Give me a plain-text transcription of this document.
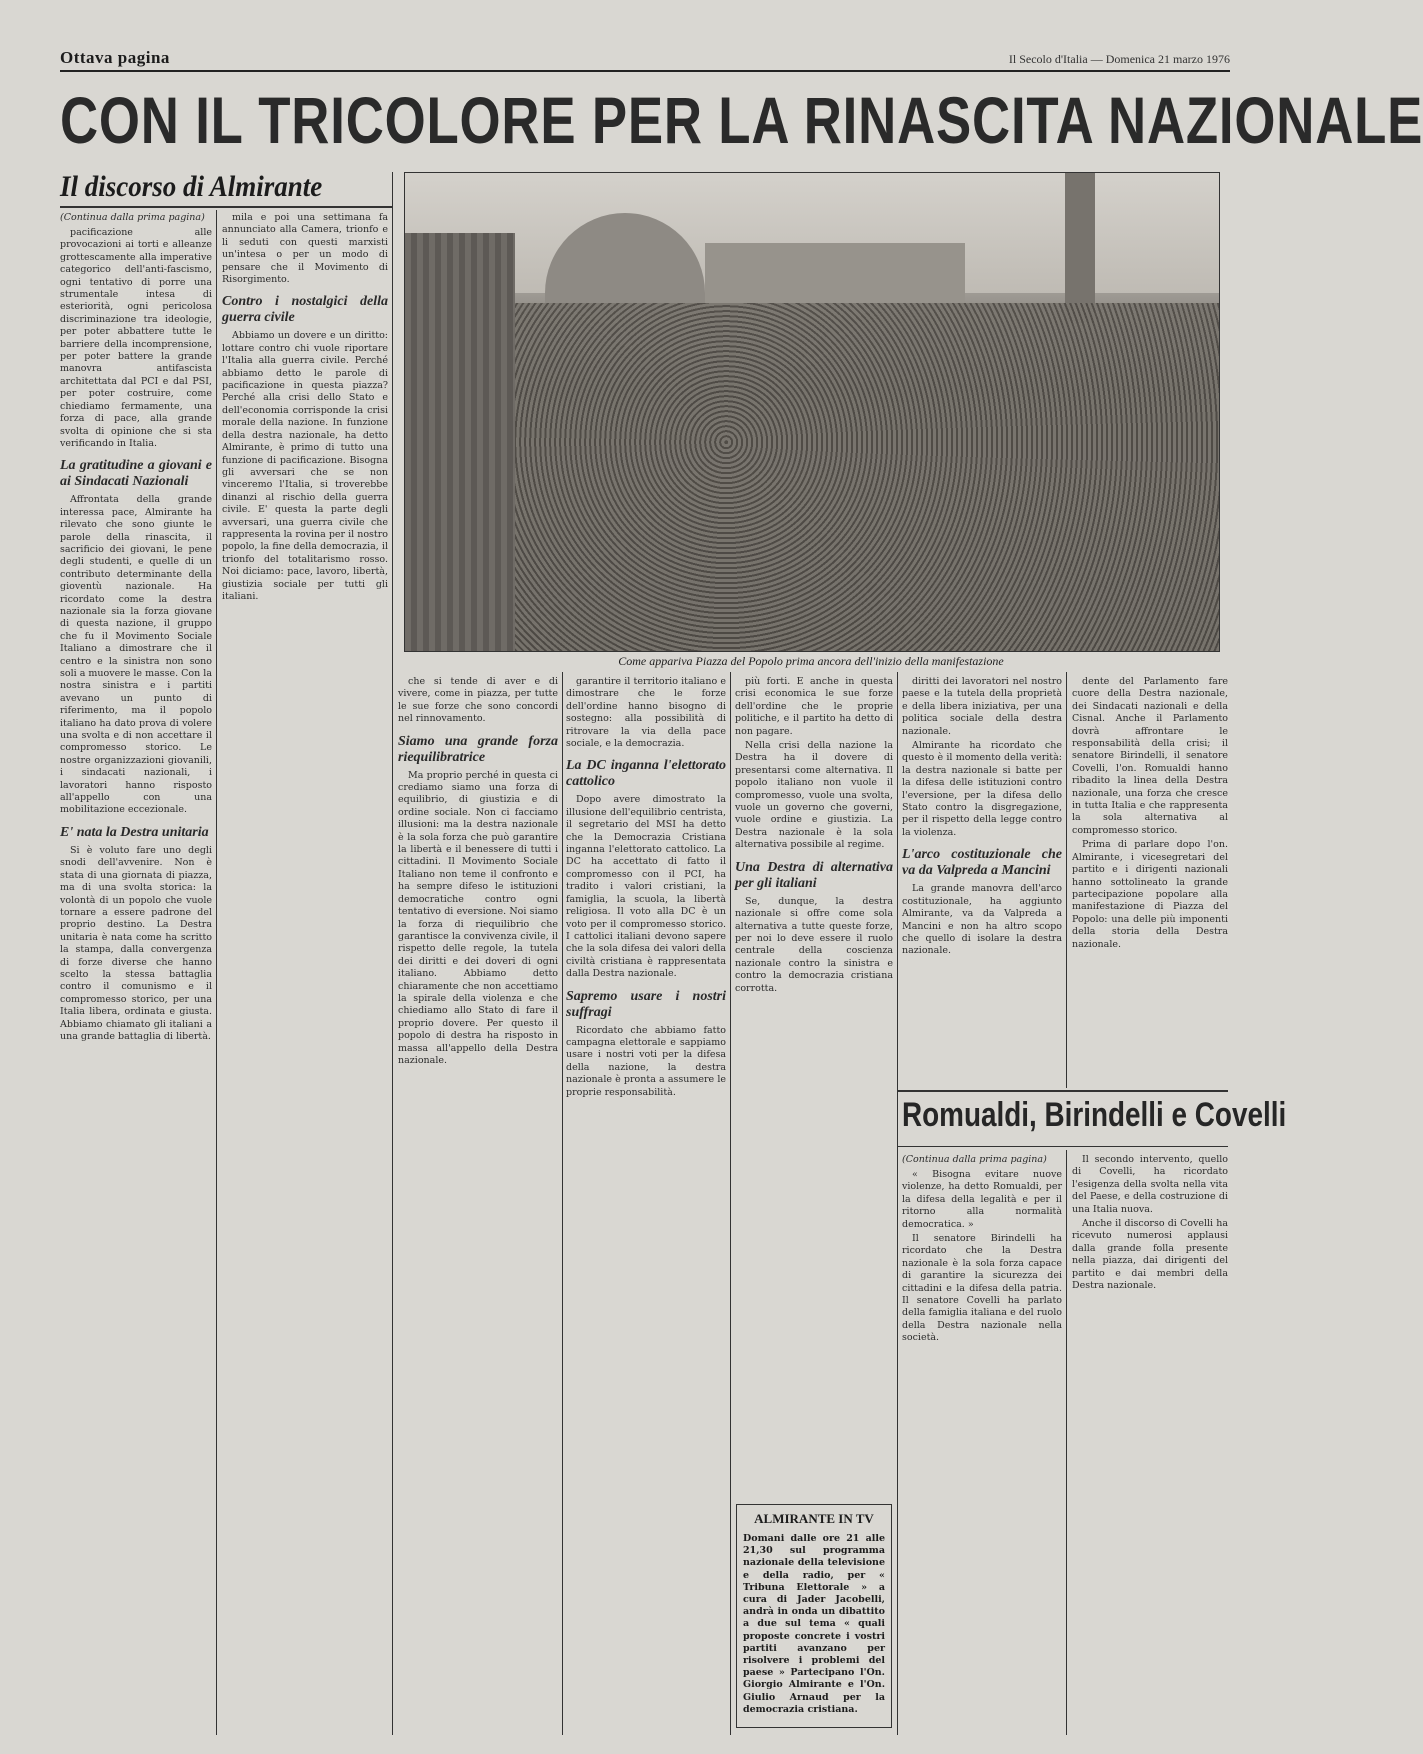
Ottava pagina	Il Secolo d'Italia — Domenica 21 marzo 1976
CON IL TRICOLORE PER LA RINASCITA NAZIONALE
Il discorso di Almirante

(Continua dalla prima pagina)

pacificazione alle provocazioni ai torti e alleanze grottescamente alla imperative categorico dell'anti-fascismo, ogni tentativo di porre una strumentale intesa di esteriorità, ogni pericolosa discriminazione tra ideologie, per poter abbattere tutte le barriere della incomprensione, per poter battere la grande manovra antifascista architettata dal PCI e dal PSI, per poter costruire, come chiediamo fermamente, una forza di pace, alla grande svolta di opinione che si sta verificando in Italia.

La gratitudine a giovani e ai Sindacati Nazionali

Affrontata della grande interessa pace, Almirante ha rilevato che sono giunte le parole della rinascita, il sacrificio dei giovani, le pene degli studenti, e quelle di un contributo determinante della gioventù nazionale. Ha ricordato come la destra nazionale sia la forza giovane di questa nazione, il gruppo che fu il Movimento Sociale Italiano a dimostrare che il centro e la sinistra non sono soli a muovere le masse. Con la nostra sinistra e i partiti avevano un punto di riferimento, ma il popolo italiano ha dato prova di volere una svolta e di non accettare il compromesso storico. Le nostre organizzazioni giovanili, i sindacati nazionali, i lavoratori hanno risposto all'appello con una mobilitazione eccezionale.

E' nata la Destra unitaria

Si è voluto fare uno degli snodi dell'avvenire. Non è stata di una giornata di piazza, ma di una svolta storica: la volontà di un popolo che vuole tornare a essere padrone del proprio destino. La Destra unitaria è nata come ha scritto la stampa, dalla convergenza di forze diverse che hanno scelto la stessa battaglia contro il comunismo e il compromesso storico, per una Italia libera, ordinata e giusta. Abbiamo chiamato gli italiani a una grande battaglia di libertà.

mila e poi una settimana fa annunciato alla Camera, trionfo e li seduti con questi marxisti un'intesa o per un modo di pensare che il Movimento di Risorgimento.

Contro i nostalgici della guerra civile

Abbiamo un dovere e un diritto: lottare contro chi vuole riportare l'Italia alla guerra civile. Perché abbiamo detto le parole di pacificazione in questa piazza? Perché alla crisi dello Stato e dell'economia corrisponde la crisi morale della nazione. In funzione della destra nazionale, ha detto Almirante, è primo di tutto una funzione di pacificazione. Bisogna gli avversari che se non vinceremo l'Italia, si troverebbe dinanzi al rischio della guerra civile. E' questa la parte degli avversari, una guerra civile che rappresenta la rovina per il nostro popolo, la fine della democrazia, il trionfo del totalitarismo rosso. Noi diciamo: pace, lavoro, libertà, giustizia sociale per tutti gli italiani.

Come appariva Piazza del Popolo prima ancora dell'inizio della manifestazione

che si tende di aver e di vivere, come in piazza, per tutte le sue forze che sono concordi nel rinnovamento.

Siamo una grande forza riequilibratrice

Ma proprio perché in questa ci crediamo siamo una forza di equilibrio, di giustizia e di ordine sociale. Non ci facciamo illusioni: ma la destra nazionale è la sola forza che può garantire la libertà e il benessere di tutti i cittadini. Il Movimento Sociale Italiano non teme il confronto e ha sempre difeso le istituzioni democratiche contro ogni tentativo di eversione. Noi siamo la forza di riequilibrio che garantisce la convivenza civile, il rispetto delle regole, la tutela dei diritti e dei doveri di ogni italiano. Abbiamo detto chiaramente che non accettiamo la spirale della violenza e che chiediamo allo Stato di fare il proprio dovere. Per questo il popolo di destra ha risposto in massa all'appello della Destra nazionale.

garantire il territorio italiano e dimostrare che le forze dell'ordine hanno bisogno di sostegno: alla possibilità di ritrovare la via della pace sociale, e la democrazia.

La DC inganna l'elettorato cattolico

Dopo avere dimostrato la illusione dell'equilibrio centrista, il segretario del MSI ha detto che la Democrazia Cristiana inganna l'elettorato cattolico. La DC ha accettato di fatto il compromesso con il PCI, ha tradito i valori cristiani, la famiglia, la scuola, la libertà religiosa. Il voto alla DC è un voto per il compromesso storico. I cattolici italiani devono sapere che la sola difesa dei valori della civiltà cristiana è rappresentata dalla Destra nazionale.

Sapremo usare i nostri suffragi

Ricordato che abbiamo fatto campagna elettorale e sappiamo usare i nostri voti per la difesa della nazione, la destra nazionale è pronta a assumere le proprie responsabilità.

più forti. E anche in questa crisi economica le sue forze dell'ordine che le proprie politiche, e il partito ha detto di non pagare.

Nella crisi della nazione la Destra ha il dovere di presentarsi come alternativa. Il popolo italiano non vuole il compromesso, vuole una svolta, vuole un governo che governi, vuole ordine e giustizia. La Destra nazionale è la sola alternativa possibile al regime.

Una Destra di alternativa per gli italiani

Se, dunque, la destra nazionale si offre come sola alternativa a tutte queste forze, per noi lo deve essere il ruolo centrale della coscienza nazionale contro la sinistra e contro la democrazia cristiana corrotta.

ALMIRANTE IN TV
Domani dalle ore 21 alle 21,30 sul programma nazionale della televisione e della radio, per « Tribuna Elettorale » a cura di Jader Jacobelli, andrà in onda un dibattito a due sul tema « quali proposte concrete i vostri partiti avanzano per risolvere i problemi del paese » Partecipano l'On. Giorgio Almirante e l'On. Giulio Arnaud per la democrazia cristiana.

diritti dei lavoratori nel nostro paese e la tutela della proprietà e della libera iniziativa, per una politica sociale della destra nazionale.

Almirante ha ricordato che questo è il momento della verità: la destra nazionale si batte per la difesa delle istituzioni contro l'eversione, per la difesa dello Stato contro la disgregazione, per il rispetto della legge contro la violenza.

L'arco costituzionale che va da Valpreda a Mancini

La grande manovra dell'arco costituzionale, ha aggiunto Almirante, va da Valpreda a Mancini e non ha altro scopo che quello di isolare la destra nazionale.

dente del Parlamento fare cuore della Destra nazionale, dei Sindacati nazionali e della Cisnal. Anche il Parlamento dovrà affrontare le responsabilità della crisi; il senatore Birindelli, il senatore Covelli, l'on. Romualdi hanno ribadito la linea della Destra nazionale, una forza che cresce in tutta Italia e che rappresenta la sola alternativa al compromesso storico.

Prima di parlare dopo l'on. Almirante, i vicesegretari del partito e i dirigenti nazionali hanno sottolineato la grande partecipazione popolare alla manifestazione di Piazza del Popolo: una delle più imponenti della storia della Destra nazionale.

Romualdi, Birindelli e Covelli

(Continua dalla prima pagina)

« Bisogna evitare nuove violenze, ha detto Romualdi, per la difesa della legalità e per il ritorno alla normalità democratica. »

Il senatore Birindelli ha ricordato che la Destra nazionale è la sola forza capace di garantire la sicurezza dei cittadini e la difesa della patria. Il senatore Covelli ha parlato della famiglia italiana e del ruolo della Destra nazionale nella società.

Il secondo intervento, quello di Covelli, ha ricordato l'esigenza della svolta nella vita del Paese, e della costruzione di una Italia nuova.

Anche il discorso di Covelli ha ricevuto numerosi applausi dalla grande folla presente nella piazza, dai dirigenti del partito e dai membri della Destra nazionale.
